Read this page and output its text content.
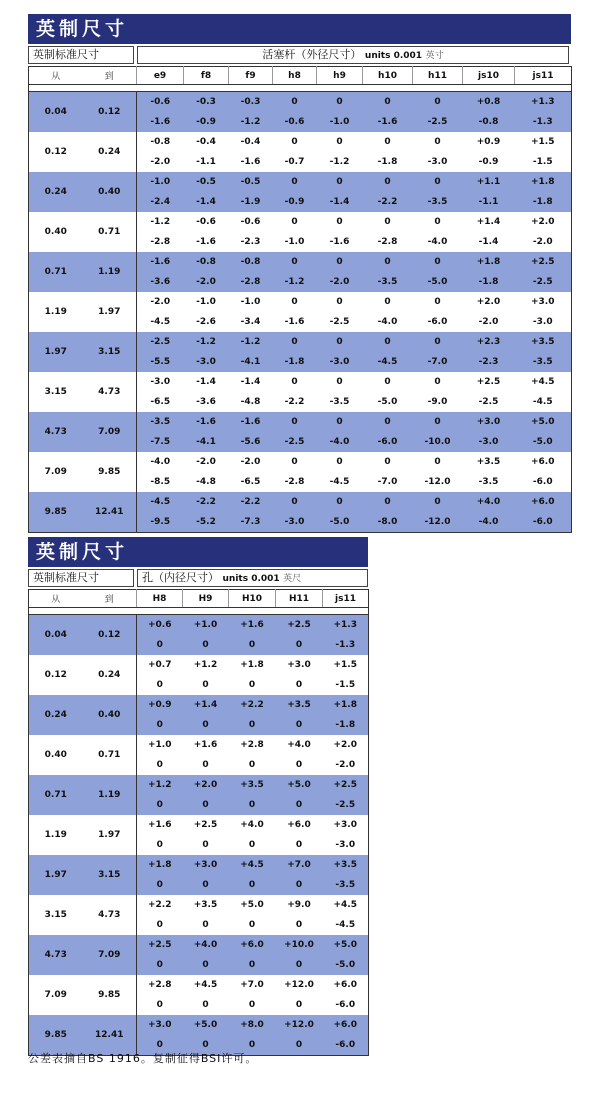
英制尺寸
英制标准尺寸	活塞杆（外径尺寸） units 0.001 英寸
从	到	e9	f8	f9	h8	h9	h10	h11	js10	js11

0.04	0.12	-0.6	-0.3	-0.3	0	0	0	0	+0.8	+1.3
		-1.6	-0.9	-1.2	-0.6	-1.0	-1.6	-2.5	-0.8	-1.3
0.12	0.24	-0.8	-0.4	-0.4	0	0	0	0	+0.9	+1.5
		-2.0	-1.1	-1.6	-0.7	-1.2	-1.8	-3.0	-0.9	-1.5
0.24	0.40	-1.0	-0.5	-0.5	0	0	0	0	+1.1	+1.8
		-2.4	-1.4	-1.9	-0.9	-1.4	-2.2	-3.5	-1.1	-1.8
0.40	0.71	-1.2	-0.6	-0.6	0	0	0	0	+1.4	+2.0
		-2.8	-1.6	-2.3	-1.0	-1.6	-2.8	-4.0	-1.4	-2.0
0.71	1.19	-1.6	-0.8	-0.8	0	0	0	0	+1.8	+2.5
		-3.6	-2.0	-2.8	-1.2	-2.0	-3.5	-5.0	-1.8	-2.5
1.19	1.97	-2.0	-1.0	-1.0	0	0	0	0	+2.0	+3.0
		-4.5	-2.6	-3.4	-1.6	-2.5	-4.0	-6.0	-2.0	-3.0
1.97	3.15	-2.5	-1.2	-1.2	0	0	0	0	+2.3	+3.5
		-5.5	-3.0	-4.1	-1.8	-3.0	-4.5	-7.0	-2.3	-3.5
3.15	4.73	-3.0	-1.4	-1.4	0	0	0	0	+2.5	+4.5
		-6.5	-3.6	-4.8	-2.2	-3.5	-5.0	-9.0	-2.5	-4.5
4.73	7.09	-3.5	-1.6	-1.6	0	0	0	0	+3.0	+5.0
		-7.5	-4.1	-5.6	-2.5	-4.0	-6.0	-10.0	-3.0	-5.0
7.09	9.85	-4.0	-2.0	-2.0	0	0	0	0	+3.5	+6.0
		-8.5	-4.8	-6.5	-2.8	-4.5	-7.0	-12.0	-3.5	-6.0
9.85	12.41	-4.5	-2.2	-2.2	0	0	0	0	+4.0	+6.0
		-9.5	-5.2	-7.3	-3.0	-5.0	-8.0	-12.0	-4.0	-6.0
英制尺寸
英制标准尺寸	孔（内径尺寸） units 0.001 英尺
从	到	H8	H9	H10	H11	js11

0.04	0.12	+0.6	+1.0	+1.6	+2.5	+1.3
		0	0	0	0	-1.3
0.12	0.24	+0.7	+1.2	+1.8	+3.0	+1.5
		0	0	0	0	-1.5
0.24	0.40	+0.9	+1.4	+2.2	+3.5	+1.8
		0	0	0	0	-1.8
0.40	0.71	+1.0	+1.6	+2.8	+4.0	+2.0
		0	0	0	0	-2.0
0.71	1.19	+1.2	+2.0	+3.5	+5.0	+2.5
		0	0	0	0	-2.5
1.19	1.97	+1.6	+2.5	+4.0	+6.0	+3.0
		0	0	0	0	-3.0
1.97	3.15	+1.8	+3.0	+4.5	+7.0	+3.5
		0	0	0	0	-3.5
3.15	4.73	+2.2	+3.5	+5.0	+9.0	+4.5
		0	0	0	0	-4.5
4.73	7.09	+2.5	+4.0	+6.0	+10.0	+5.0
		0	0	0	0	-5.0
7.09	9.85	+2.8	+4.5	+7.0	+12.0	+6.0
		0	0	0	0	-6.0
9.85	12.41	+3.0	+5.0	+8.0	+12.0	+6.0
		0	0	0	0	-6.0
公差表摘自BS 1916。复制征得BSI许可。
